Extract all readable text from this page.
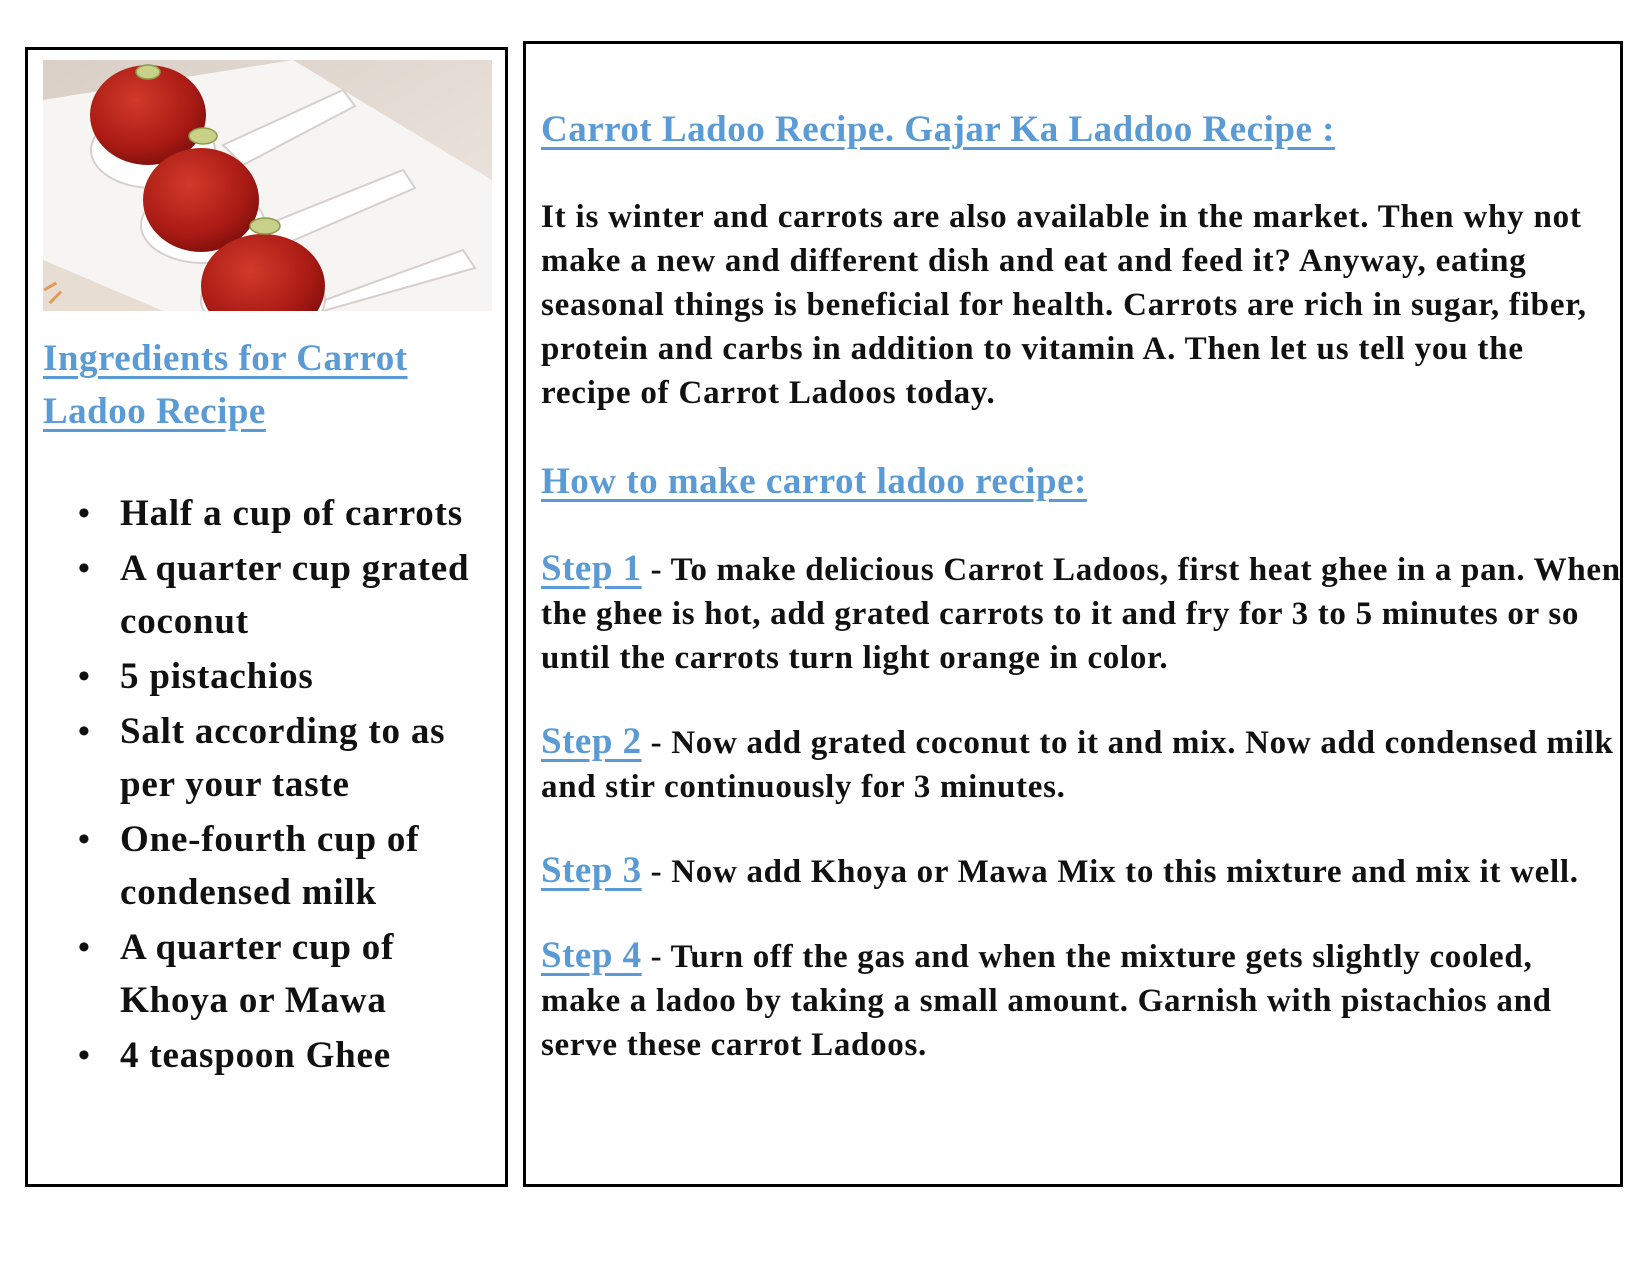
Ingredients for Carrot Ladoo Recipe
• Half a cup of carrots
• A quarter cup grated coconut
• 5 pistachios
• Salt according to as per your taste
• One-fourth cup of condensed milk
• A quarter cup of Khoya or Mawa
• 4 teaspoon Ghee
Carrot Ladoo Recipe. Gajar Ka Laddoo Recipe :

It is winter and carrots are also available in the market. Then why not make a new and different dish and eat and feed it? Anyway, eating seasonal things is beneficial for health. Carrots are rich in sugar, fiber, protein and carbs in addition to vitamin A. Then let us tell you the recipe of Carrot Ladoos today.

How to make carrot ladoo recipe:

Step 1 - To make delicious Carrot Ladoos, first heat ghee in a pan. When the ghee is hot, add grated carrots to it and fry for 3 to 5 minutes or so until the carrots turn light orange in color.

Step 2 - Now add grated coconut to it and mix. Now add condensed milk and stir continuously for 3 minutes.

Step 3 - Now add Khoya or Mawa Mix to this mixture and mix it well.

Step 4 - Turn off the gas and when the mixture gets slightly cooled, make a ladoo by taking a small amount. Garnish with pistachios and serve these carrot Ladoos.
